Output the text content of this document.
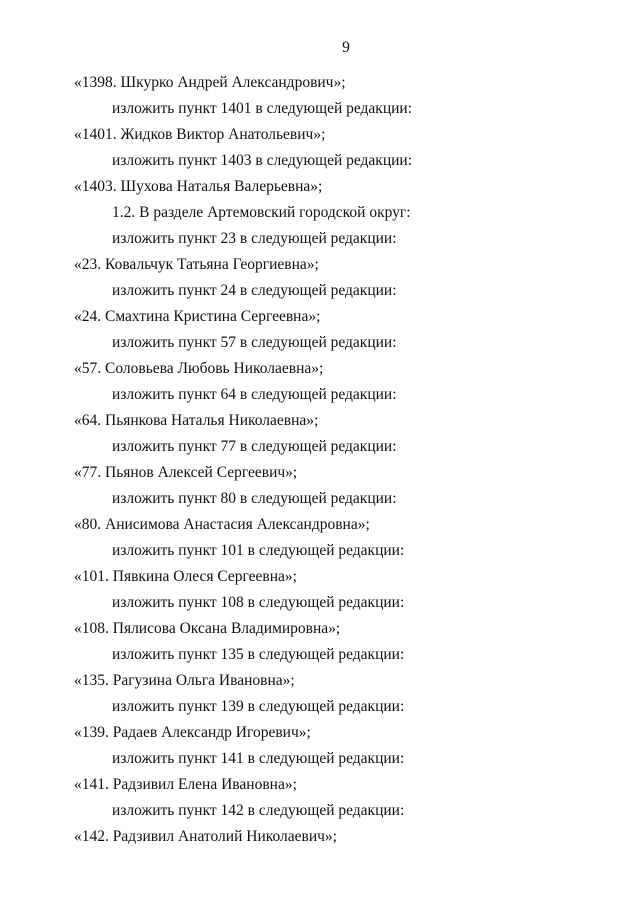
9
«1398. Шкурко Андрей Александрович»;
изложить пункт 1401 в следующей редакции:
«1401. Жидков Виктор Анатольевич»;
изложить пункт 1403 в следующей редакции:
«1403. Шухова Наталья Валерьевна»;
1.2. В разделе Артемовский городской округ:
изложить пункт 23 в следующей редакции:
«23. Ковальчук Татьяна Георгиевна»;
изложить пункт 24 в следующей редакции:
«24. Смахтина Кристина Сергеевна»;
изложить пункт 57 в следующей редакции:
«57. Соловьева Любовь Николаевна»;
изложить пункт 64 в следующей редакции:
«64. Пьянкова Наталья Николаевна»;
изложить пункт 77 в следующей редакции:
«77. Пьянов Алексей Сергеевич»;
изложить пункт 80 в следующей редакции:
«80. Анисимова Анастасия Александровна»;
изложить пункт 101 в следующей редакции:
«101. Пявкина Олеся Сергеевна»;
изложить пункт 108 в следующей редакции:
«108. Пялисова Оксана Владимировна»;
изложить пункт 135 в следующей редакции:
«135. Рагузина Ольга Ивановна»;
изложить пункт 139 в следующей редакции:
«139. Радаев Александр Игоревич»;
изложить пункт 141 в следующей редакции:
«141. Радзивил Елена Ивановна»;
изложить пункт 142 в следующей редакции:
«142. Радзивил Анатолий Николаевич»;
